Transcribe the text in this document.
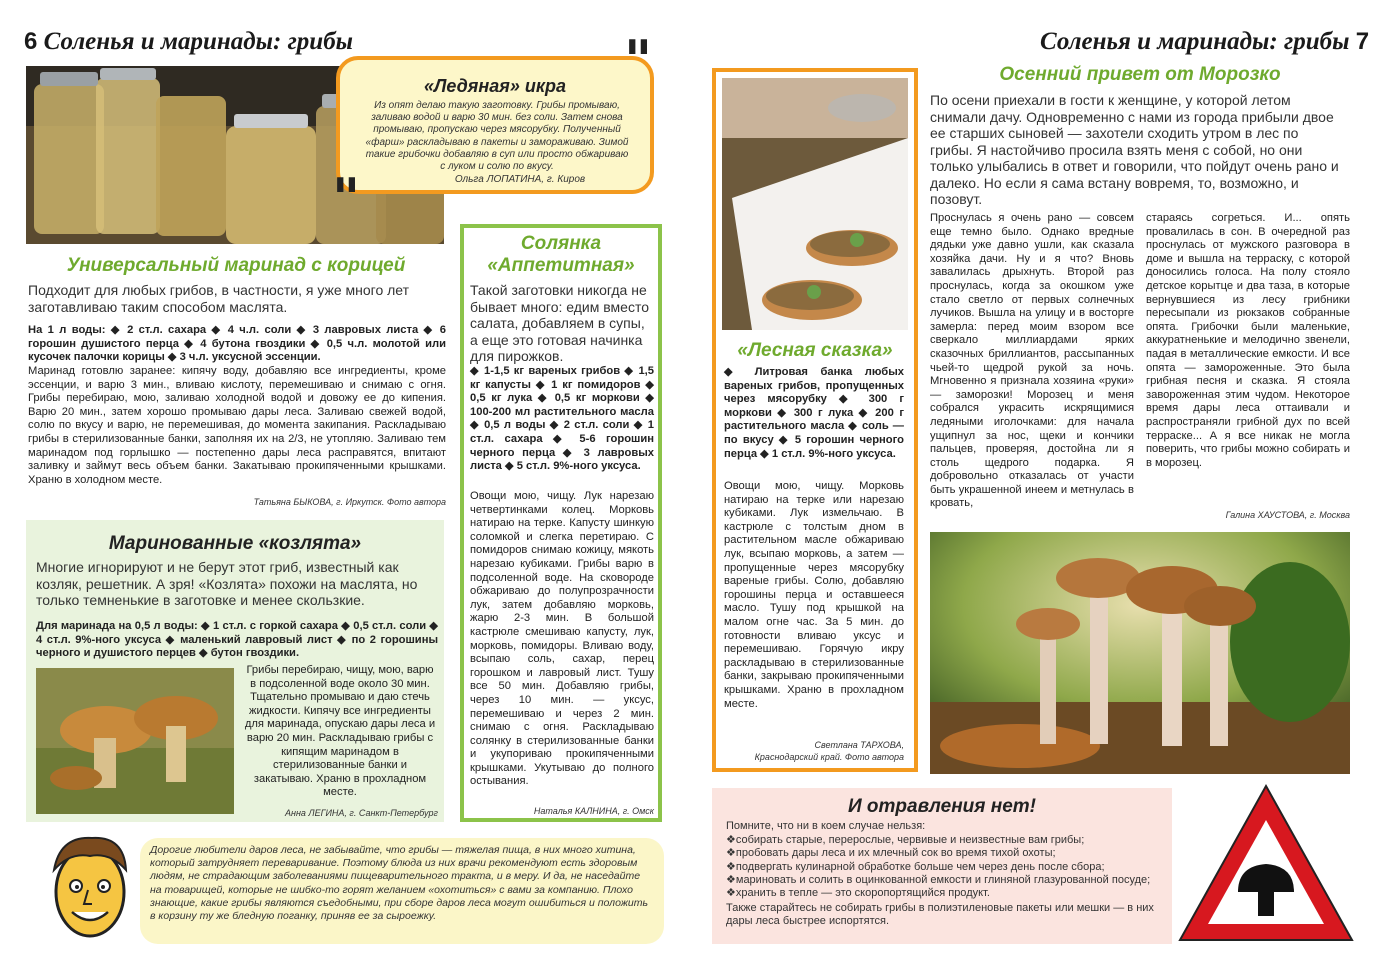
6 Соленья и маринады: грибы	"
"
«Ледяная» икра
Из опят делаю такую заготовку. Грибы промываю, заливаю водой и варю 30 мин. без соли. Затем снова промываю, пропускаю через мясорубку. Полученный «фарш» раскладываю в пакеты и замораживаю. Зимой такие грибочки добавляю в суп или просто обжариваю с луком и солю по вкусу.
Ольга ЛОПАТИНА, г. Киров
Универсальный маринад с корицей
Подходит для любых грибов, в частности, я уже много лет заготавливаю таким способом маслята.
На 1 л воды: ◆ 2 ст.л. сахара ◆ 4 ч.л. соли ◆ 3 лавровых листа ◆ 6 горошин душистого перца ◆ 4 бутона гвоздики ◆ 0,5 ч.л. молотой или кусочек палочки корицы ◆ 3 ч.л. уксусной эссенции.
Маринад готовлю заранее: кипячу воду, добавляю все ингредиенты, кроме эссенции, и варю 3 мин., вливаю кислоту, перемешиваю и снимаю с огня. Грибы перебираю, мою, заливаю холодной водой и довожу ее до кипения. Варю 20 мин., затем хорошо промываю дары леса. Заливаю свежей водой, солю по вкусу и варю, не перемешивая, до момента закипания. Раскладываю грибы в стерилизованные банки, заполняя их на 2/3, не утопляю. Заливаю тем маринадом под горлышко — постепенно дары леса расправятся, впитают заливку и займут весь объем банки. Закатываю прокипяченными крышками. Храню в холодном месте.
Татьяна БЫКОВА, г. Иркутск. Фото автора
Маринованные «козлята»
Многие игнорируют и не берут этот гриб, известный как козляк, решетник. А зря! «Козлята» похожи на маслята, но только темненькие в заготовке и менее скользкие.
Для маринада на 0,5 л воды: ◆ 1 ст.л. с горкой сахара ◆ 0,5 ст.л. соли ◆ 4 ст.л. 9%-ного уксуса ◆ маленький лавровый лист ◆ по 2 горошины черного и душистого перцев ◆ бутон гвоздики.
Грибы перебираю, чищу, мою, варю в подсоленной воде около 30 мин. Тщательно промываю и даю стечь жидкости. Кипячу все ингредиенты для маринада, опускаю дары леса и варю 20 мин. Раскладываю грибы с кипящим маринадом в стерилизованные банки и закатываю. Храню в прохладном месте.
Анна ЛЕГИНА, г. Санкт-Петербург
Солянка
«Аппетитная»
Такой заготовки никогда не бывает много: едим вместо салата, добавляем в супы, а еще это готовая начинка для пирожков.
◆ 1-1,5 кг вареных грибов ◆ 1,5 кг капусты ◆ 1 кг помидоров ◆ 0,5 кг лука ◆ 0,5 кг моркови ◆ 100-200 мл растительного масла ◆ 0,5 л воды ◆ 2 ст.л. соли ◆ 1 ст.л. сахара ◆ 5-6 горошин черного перца ◆ 3 лавровых листа ◆ 5 ст.л. 9%-ного уксуса.
Овощи мою, чищу. Лук нарезаю четвертинками колец. Морковь натираю на терке. Капусту шинкую соломкой и слегка перетираю. С помидоров снимаю кожицу, мякоть нарезаю кубиками. Грибы варю в подсоленной воде. На сковороде обжариваю до полупрозрачности лук, затем добавляю морковь, жарю 2-3 мин. В большой кастрюле смешиваю капусту, лук, морковь, помидоры. Вливаю воду, всыпаю соль, сахар, перец горошком и лавровый лист. Тушу все 50 мин. Добавляю грибы, через 10 мин. — уксус, перемешиваю и через 2 мин. снимаю с огня. Раскладываю солянку в стерилизованные банки и укупориваю прокипяченными крышками. Укутываю до полного остывания.
Наталья КАЛНИНА, г. Омск
Дорогие любители даров леса, не забывайте, что грибы — тяжелая пища, в них много хитина, который затрудняет переваривание. Поэтому блюда из них врачи рекомендуют есть здоровым людям, не страдающим заболеваниями пищеварительного тракта, и в меру. И да, не наседайте на товарищей, которые не шибко-то горят желанием «охотиться» с вами за компанию. Плохо знающие, какие грибы являются съедобными, при сборе даров леса могут ошибиться и положить в корзину ту же бледную поганку, приняв ее за сыроежку.
Соленья и маринады: грибы 7
«Лесная сказка»
◆ Литровая банка любых вареных грибов, пропущенных через мясорубку ◆ 300 г моркови ◆ 300 г лука ◆ 200 г растительного масла ◆ соль — по вкусу ◆ 5 горошин черного перца ◆ 1 ст.л. 9%-ного уксуса.
Овощи мою, чищу. Морковь натираю на терке или нарезаю кубиками. Лук измельчаю. В кастрюле с толстым дном в растительном масле обжариваю лук, всыпаю морковь, а затем — пропущенные через мясорубку вареные грибы. Солю, добавляю горошины перца и оставшееся масло. Тушу под крышкой на малом огне час. За 5 мин. до готовности вливаю уксус и перемешиваю. Горячую икру раскладываю в стерилизованные банки, закрываю прокипяченными крышками. Храню в прохладном месте.
Светлана ТАРХОВА,
Краснодарский край. Фото автора
Осенний привет от Морозко
По осени приехали в гости к женщине, у которой летом снимали дачу. Одновременно с нами из города прибыли двое ее старших сыновей — захотели сходить утром в лес по грибы. Я настойчиво просила взять меня с собой, но они только улыбались в ответ и говорили, что пойдут очень рано и далеко. Но если я сама встану вовремя, то, возможно, и позовут.
Проснулась я очень рано — совсем еще темно было. Однако вредные дядьки уже давно ушли, как сказала хозяйка дачи. Ну и я что? Вновь завалилась дрыхнуть. Второй раз проснулась, когда за окошком уже стало светло от первых солнечных лучиков. Вышла на улицу и в восторге замерла: перед моим взором все сверкало миллиардами ярких сказочных бриллиантов, рассыпанных чьей-то щедрой рукой за ночь. Мгновенно я признала хозяина «руки» — заморозки! Морозец и меня собрался украсить искрящимися ледяными иголочками: для начала ущипнул за нос, щеки и кончики пальцев, проверяя, достойна ли я столь щедрого подарка. Я добровольно отказалась от участи быть украшенной инеем и метнулась в кровать,
стараясь согреться. И... опять провалилась в сон. В очередной раз проснулась от мужского разговора в доме и вышла на терраску, с которой доносились голоса. На полу стояло детское корытце и два таза, в которые вернувшиеся из лесу грибники пересыпали из рюкзаков собранные опята. Грибочки были маленькие, аккуратненькие и мелодично звенели, падая в металлические емкости. И все опята — замороженные. Это была грибная песня и сказка. Я стояла завороженная этим чудом. Некоторое время дары леса оттаивали и распространяли грибной дух по всей терраске... А я все никак не могла поверить, что грибы можно собирать и в морозец.
Галина ХАУСТОВА, г. Москва
И отравления нет!
Помните, что ни в коем случае нельзя:
❖собирать старые, перерослые, червивые и неизвестные вам грибы;
❖пробовать дары леса и их млечный сок во время тихой охоты;
❖подвергать кулинарной обработке больше чем через день после сбора;
❖мариновать и солить в оцинкованной емкости и глиняной глазурованной посуде;
❖хранить в тепле — это скоропортящийся продукт.
Также старайтесь не собирать грибы в полиэтиленовые пакеты или мешки — в них дары леса быстрее испортятся.
